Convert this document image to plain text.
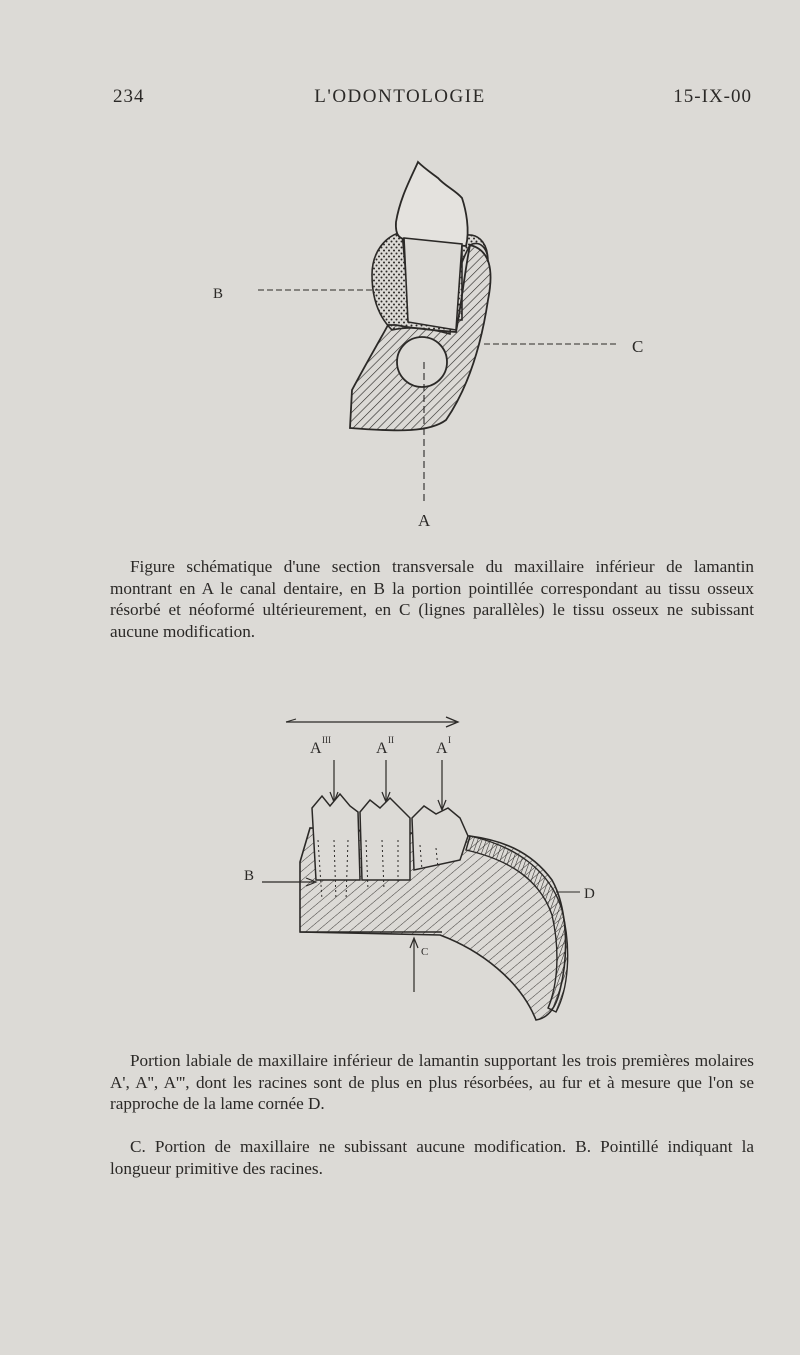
234	L'ODONTOLOGIE	15-IX-00
B
C
A
Figure schématique d'une section transversale du maxillaire inférieur de lamantin montrant en A le canal dentaire, en B la portion pointillée correspondant au tissu osseux résorbé et néoformé ultérieurement, en C (lignes parallèles) le tissu osseux ne subissant aucune modification.
A III	A II	A I
B
C
D
Portion labiale de maxillaire inférieur de lamantin supportant les trois premières molaires A', A'', A''', dont les racines sont de plus en plus résorbées, au fur et à mesure que l'on se rapproche de la lame cornée D.
C. Portion de maxillaire ne subissant aucune modification. B. Pointillé indiquant la longueur primitive des racines.
